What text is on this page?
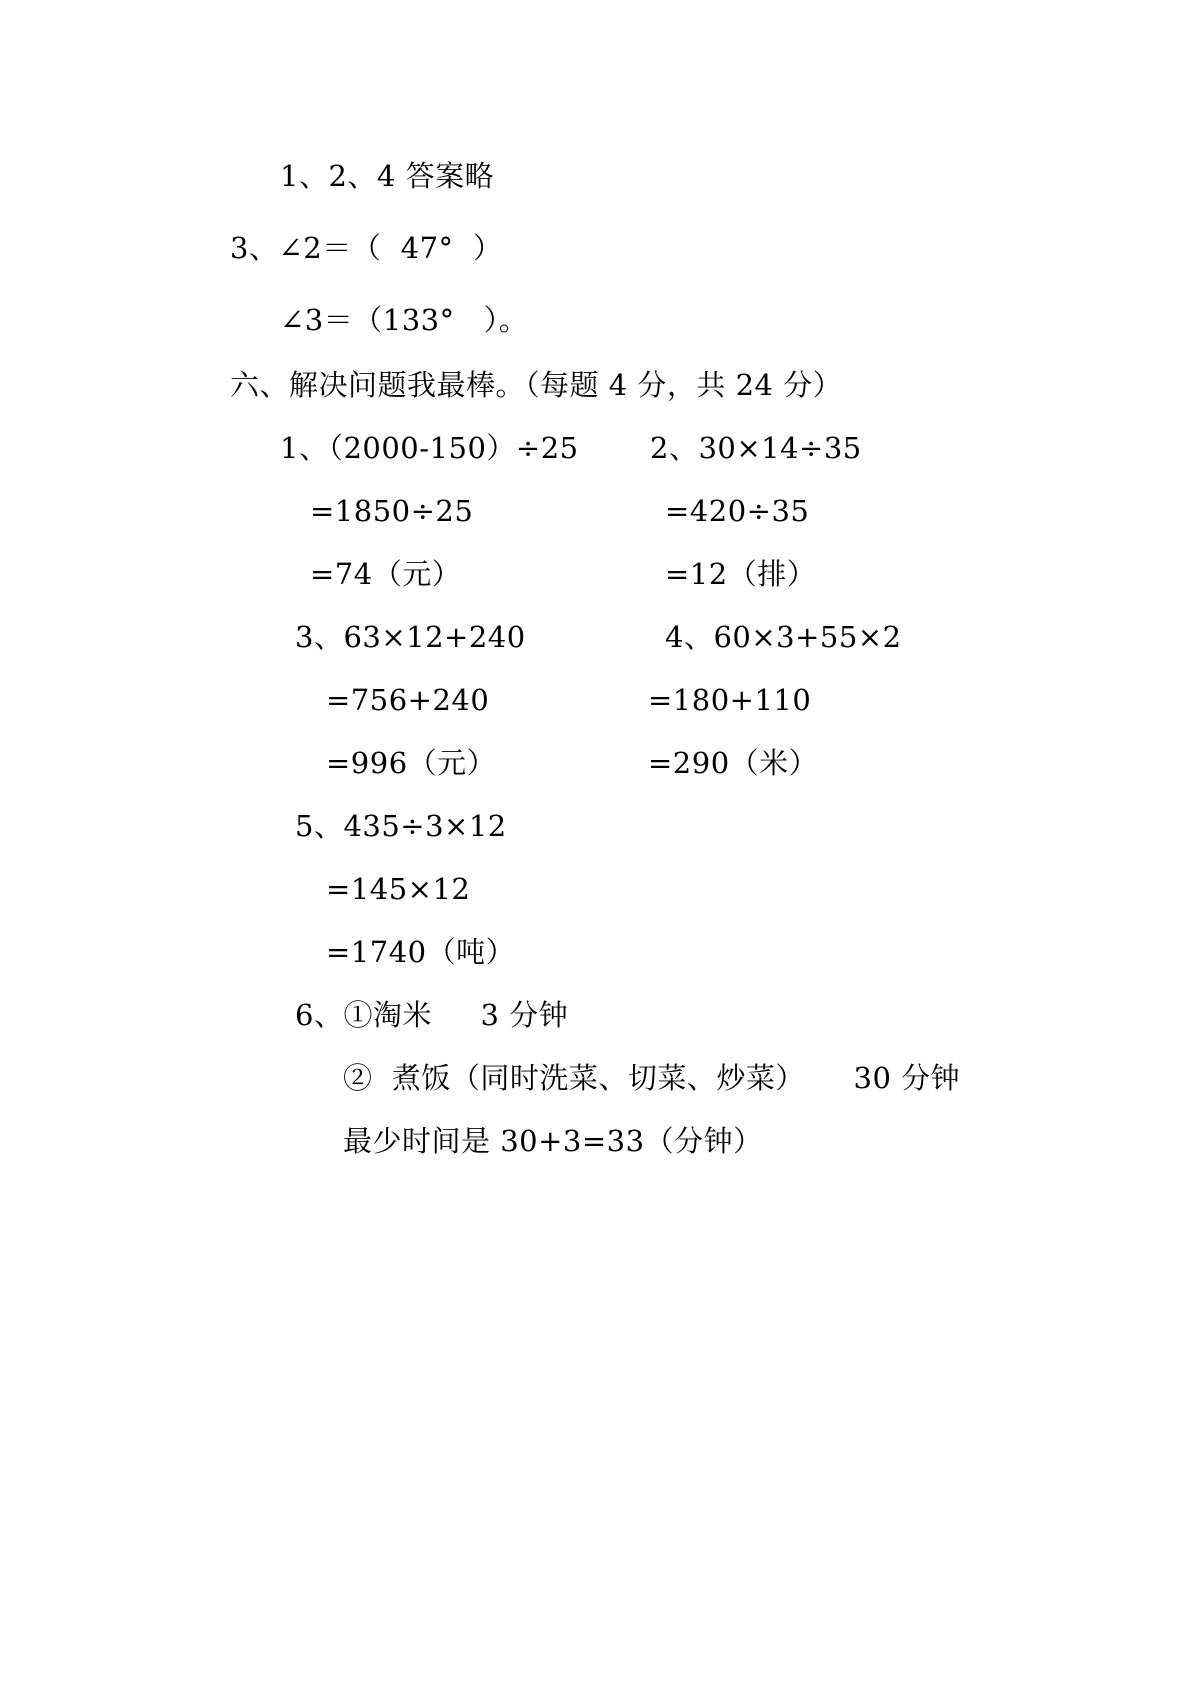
1、2、4 答案略
3、∠2＝（  47°  ）
∠3＝（133°   ）。
六、解决问题我最棒。（每题 4 分，共 24 分）
1、（2000-150）÷25
=1850÷25
=74（元）
2、30×14÷35
=420÷35
=12（排）
3、63×12+240
=756+240
=996（元）
4、60×3+55×2
=180+110
=290（米）
5、435÷3×12
=145×12
=1740（吨）
6、①淘米     3 分钟
②  煮饭（同时洗菜、切菜、炒菜）     30 分钟
最少时间是 30+3=33（分钟）
